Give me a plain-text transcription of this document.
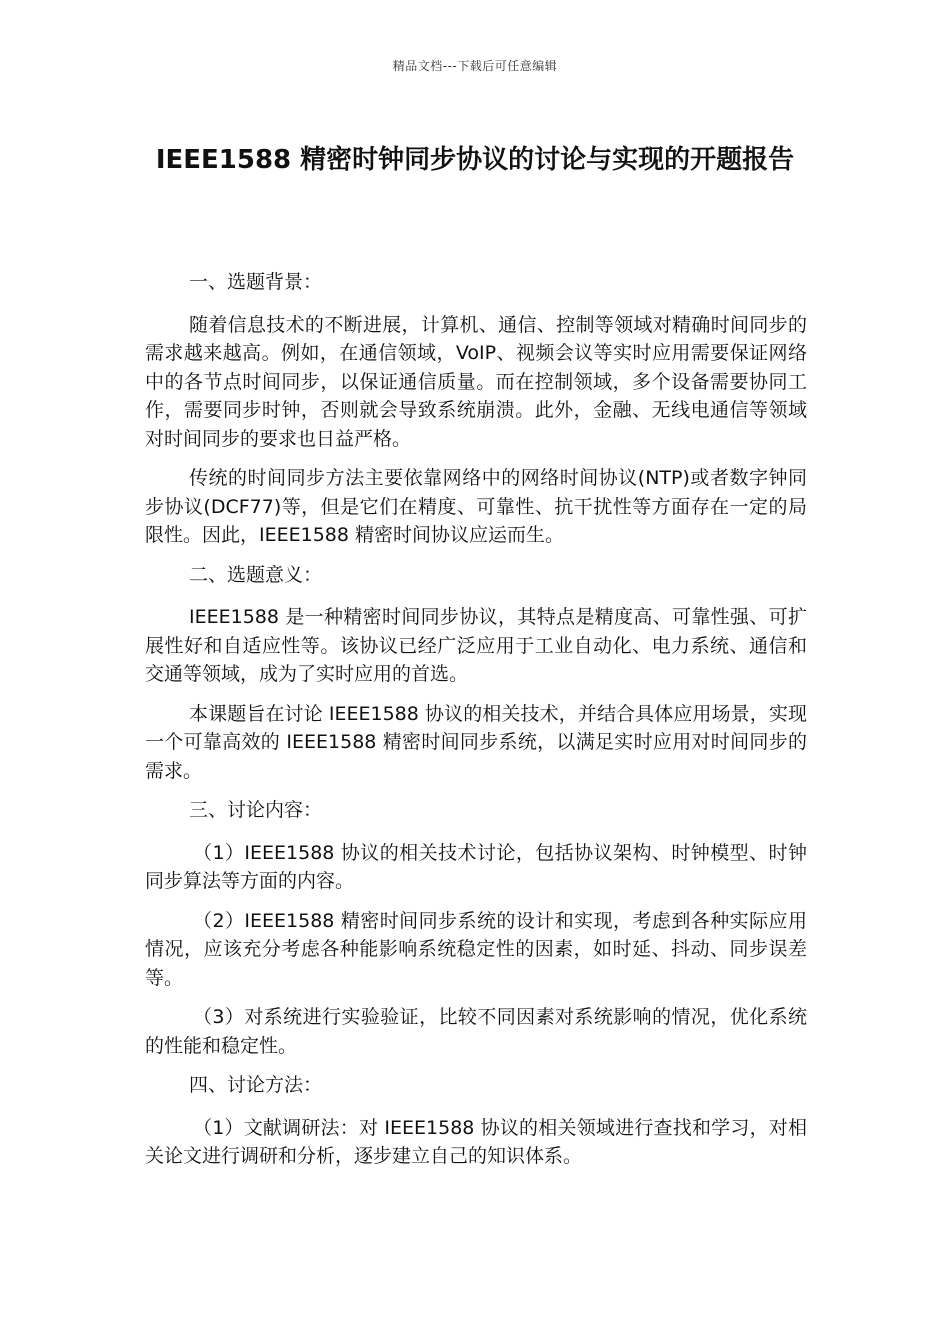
精品文档---下载后可任意编辑
IEEE1588 精密时钟同步协议的讨论与实现的开题报告

一、选题背景：

随着信息技术的不断进展，计算机、通信、控制等领域对精确时间同步的需求越来越高。例如，在通信领域，VoIP、视频会议等实时应用需要保证网络中的各节点时间同步，以保证通信质量。而在控制领域，多个设备需要协同工作，需要同步时钟，否则就会导致系统崩溃。此外，金融、无线电通信等领域对时间同步的要求也日益严格。

传统的时间同步方法主要依靠网络中的网络时间协议(NTP)或者数字钟同步协议(DCF77)等，但是它们在精度、可靠性、抗干扰性等方面存在一定的局限性。因此，IEEE1588 精密时间协议应运而生。

二、选题意义：

IEEE1588 是一种精密时间同步协议，其特点是精度高、可靠性强、可扩展性好和自适应性等。该协议已经广泛应用于工业自动化、电力系统、通信和交通等领域，成为了实时应用的首选。

本课题旨在讨论 IEEE1588 协议的相关技术，并结合具体应用场景，实现一个可靠高效的 IEEE1588 精密时间同步系统，以满足实时应用对时间同步的需求。

三、讨论内容：

（1）IEEE1588 协议的相关技术讨论，包括协议架构、时钟模型、时钟同步算法等方面的内容。

（2）IEEE1588 精密时间同步系统的设计和实现，考虑到各种实际应用情况，应该充分考虑各种能影响系统稳定性的因素，如时延、抖动、同步误差等。

（3）对系统进行实验验证，比较不同因素对系统影响的情况，优化系统的性能和稳定性。

四、讨论方法：

（1）文献调研法：对 IEEE1588 协议的相关领域进行查找和学习，对相关论文进行调研和分析，逐步建立自己的知识体系。
